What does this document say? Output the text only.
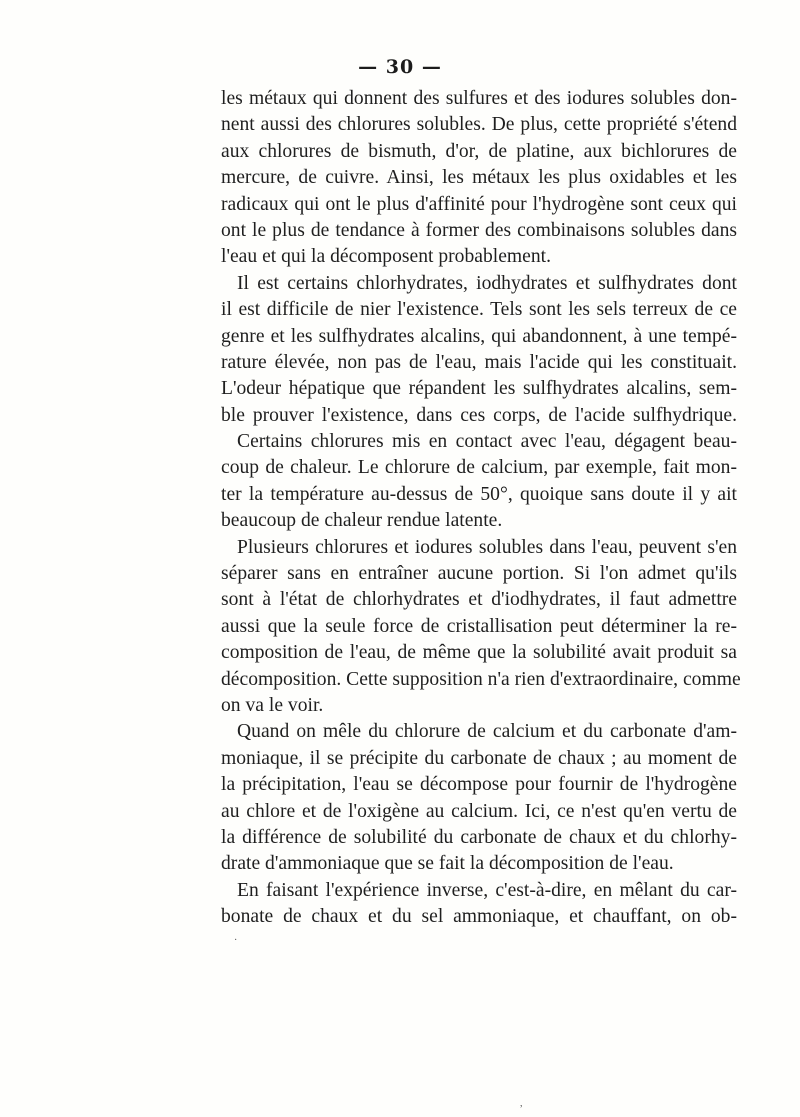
— 30 —
les métaux qui donnent des sulfures et des iodures solubles don-
nent aussi des chlorures solubles. De plus, cette propriété s'étend
aux chlorures de bismuth, d'or, de platine, aux bichlorures de
mercure, de cuivre. Ainsi, les métaux les plus oxidables et les
radicaux qui ont le plus d'affinité pour l'hydrogène sont ceux qui
ont le plus de tendance à former des combinaisons solubles dans
l'eau et qui la décomposent probablement.
Il est certains chlorhydrates, iodhydrates et sulfhydrates dont
il est difficile de nier l'existence. Tels sont les sels terreux de ce
genre et les sulfhydrates alcalins, qui abandonnent, à une tempé-
rature élevée, non pas de l'eau, mais l'acide qui les constituait.
L'odeur hépatique que répandent les sulfhydrates alcalins, sem-
ble prouver l'existence, dans ces corps, de l'acide sulfhydrique.
Certains chlorures mis en contact avec l'eau, dégagent beau-
coup de chaleur. Le chlorure de calcium, par exemple, fait mon-
ter la température au-dessus de 50°, quoique sans doute il y ait
beaucoup de chaleur rendue latente.
Plusieurs chlorures et iodures solubles dans l'eau, peuvent s'en
séparer sans en entraîner aucune portion. Si l'on admet qu'ils
sont à l'état de chlorhydrates et d'iodhydrates, il faut admettre
aussi que la seule force de cristallisation peut déterminer la re-
composition de l'eau, de même que la solubilité avait produit sa
décomposition. Cette supposition n'a rien d'extraordinaire, comme
on va le voir.
Quand on mêle du chlorure de calcium et du carbonate d'am-
moniaque, il se précipite du carbonate de chaux ; au moment de
la précipitation, l'eau se décompose pour fournir de l'hydrogène
au chlore et de l'oxigène au calcium. Ici, ce n'est qu'en vertu de
la différence de solubilité du carbonate de chaux et du chlorhy-
drate d'ammoniaque que se fait la décomposition de l'eau.
En faisant l'expérience inverse, c'est-à-dire, en mêlant du car-
bonate de chaux et du sel ammoniaque, et chauffant, on ob-
·
,
